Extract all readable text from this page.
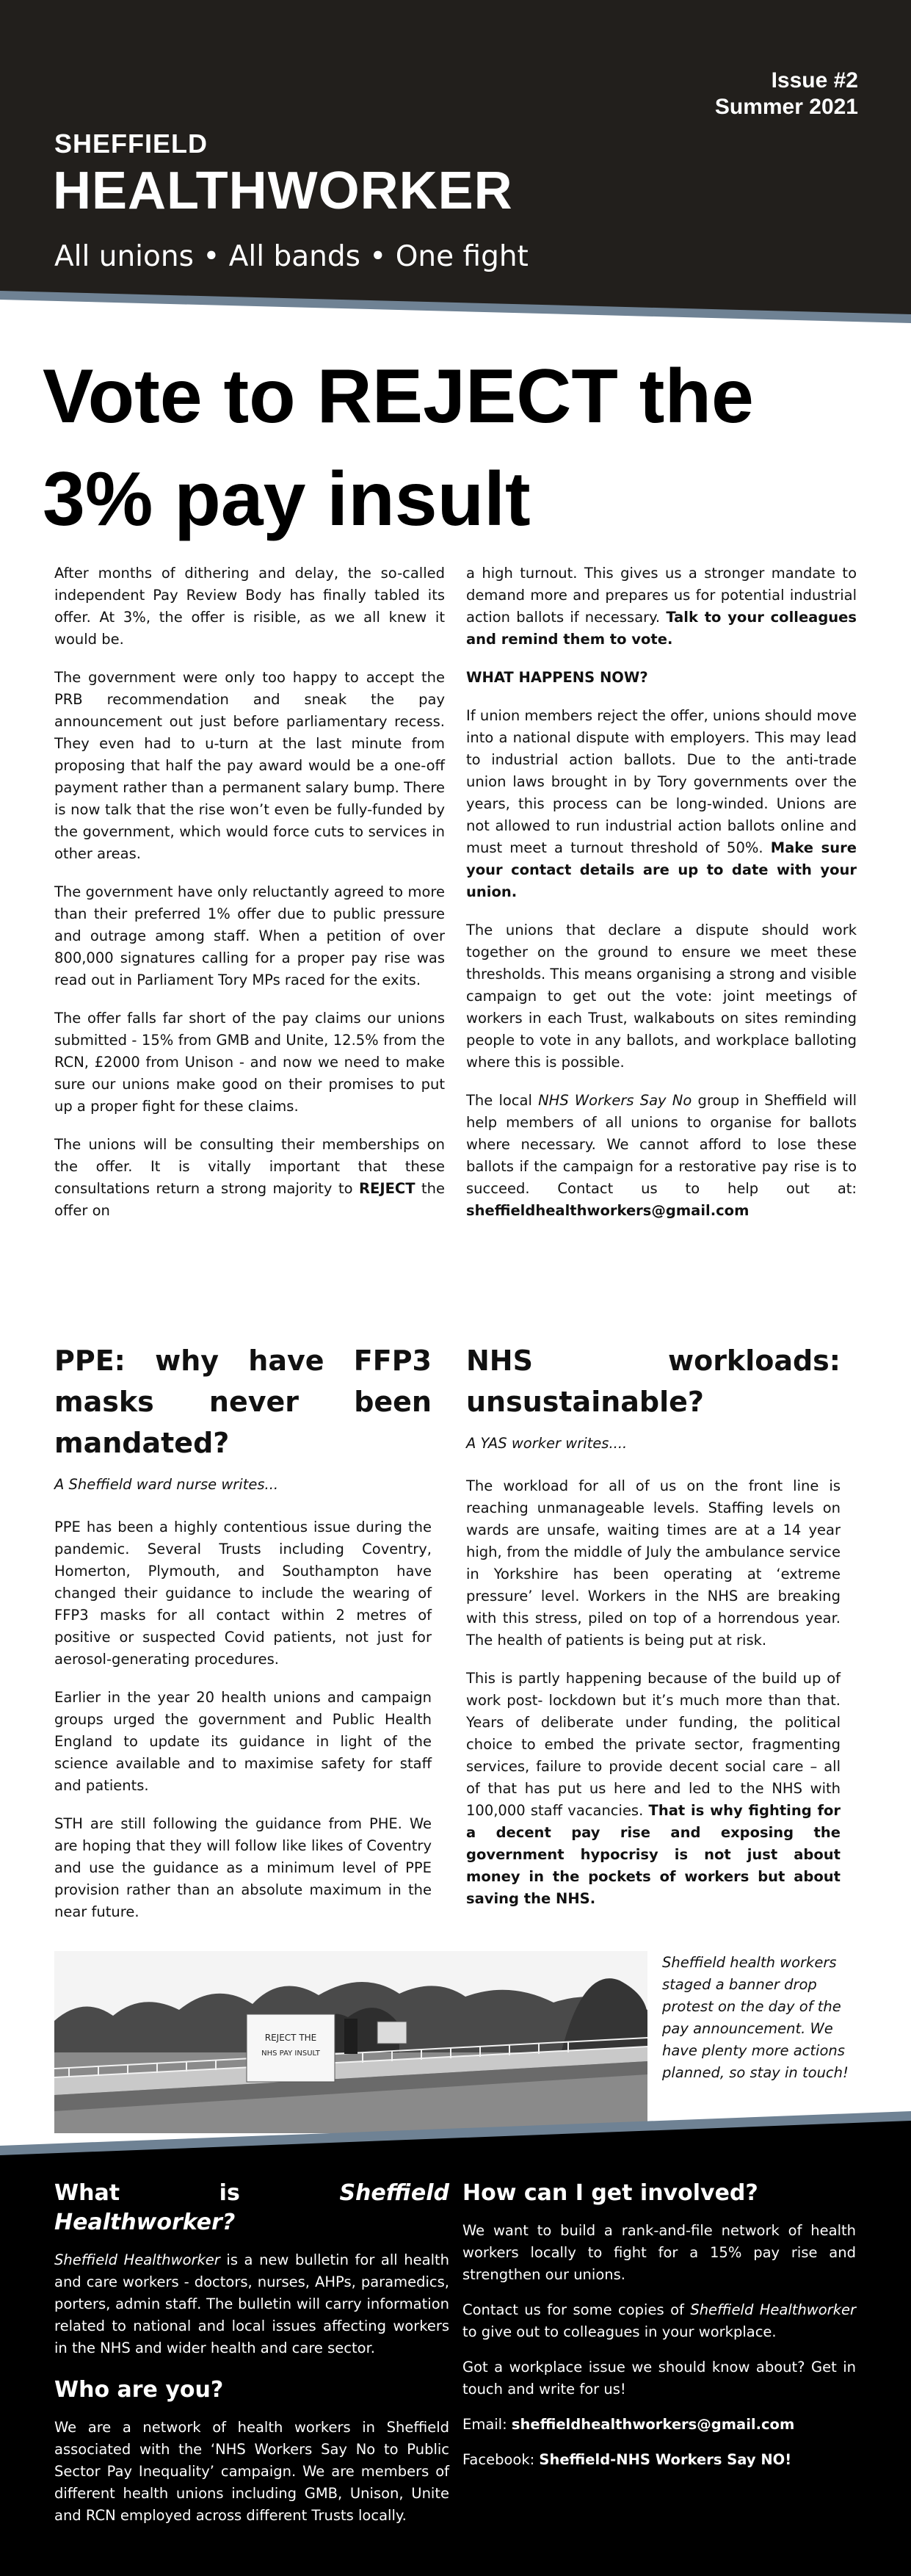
Issue #2
Summer 2021
SHEFFIELD
HEALTHWORKER
All unions • All bands • One fight
Vote to REJECT the
3% pay insult

After months of dithering and delay, the so-called independent Pay Review Body has finally tabled its offer. At 3%, the offer is risible, as we all knew it would be.

The government were only too happy to accept the PRB recommendation and sneak the pay announcement out just before parliamentary recess. They even had to u-turn at the last minute from proposing that half the pay award would be a one-off payment rather than a permanent salary bump. There is now talk that the rise won’t even be fully-funded by the government, which would force cuts to services in other areas.

The government have only reluctantly agreed to more than their preferred 1% offer due to public pressure and outrage among staff. When a petition of over 800,000 signatures calling for a proper pay rise was read out in Parliament Tory MPs raced for the exits.

The offer falls far short of the pay claims our unions submitted - 15% from GMB and Unite, 12.5% from the RCN, £2000 from Unison - and now we need to make sure our unions make good on their promises to put up a proper fight for these claims.

The unions will be consulting their memberships on the offer. It is vitally important that these consultations return a strong majority to REJECT the offer on

a high turnout. This gives us a stronger mandate to demand more and prepares us for potential industrial action ballots if necessary. Talk to your colleagues and remind them to vote.

WHAT HAPPENS NOW?

If union members reject the offer, unions should move into a national dispute with employers. This may lead to industrial action ballots. Due to the anti-trade union laws brought in by Tory governments over the years, this process can be long-winded. Unions are not allowed to run industrial action ballots online and must meet a turnout threshold of 50%. Make sure your contact details are up to date with your union.

The unions that declare a dispute should work together on the ground to ensure we meet these thresholds. This means organising a strong and visible campaign to get out the vote: joint meetings of workers in each Trust, walkabouts on sites reminding people to vote in any ballots, and workplace balloting where this is possible.

The local NHS Workers Say No group in Sheffield will help members of all unions to organise for ballots where necessary. We cannot afford to lose these ballots if the campaign for a restorative pay rise is to succeed. Contact us to help out at: sheffieldhealthworkers@gmail.com

PPE: why have FFP3 masks never been mandated?

A Sheffield ward nurse writes...

PPE has been a highly contentious issue during the pandemic. Several Trusts including Coventry, Homerton, Plymouth, and Southampton have changed their guidance to include the wearing of FFP3 masks for all contact within 2 metres of positive or suspected Covid patients, not just for aerosol-generating procedures.

Earlier in the year 20 health unions and campaign groups urged the government and Public Health England to update its guidance in light of the science available and to maximise safety for staff and patients.

STH are still following the guidance from PHE. We are hoping that they will follow like likes of Coventry and use the guidance as a minimum level of PPE provision rather than an absolute maximum in the near future.

NHS workloads: unsustainable?

A YAS worker writes....

The workload for all of us on the front line is reaching unmanageable levels. Staffing levels on wards are unsafe, waiting times are at a 14 year high, from the middle of July the ambulance service in Yorkshire has been operating at ‘extreme pressure’ level. Workers in the NHS are breaking with this stress, piled on top of a horrendous year. The health of patients is being put at risk.

This is partly happening because of the build up of work post- lockdown but it’s much more than that. Years of deliberate under funding, the political choice to embed the private sector, fragmenting services, failure to provide decent social care – all of that has put us here and led to the NHS with 100,000 staff vacancies. That is why fighting for a decent pay rise and exposing the government hypocrisy is not just about money in the pockets of workers but about saving the NHS.

REJECT THE
NHS PAY INSULT
Sheffield health workers staged a banner drop protest on the day of the pay announcement. We have plenty more actions planned, so stay in touch!
What is Sheffield Healthworker?

Sheffield Healthworker is a new bulletin for all health and care workers - doctors, nurses, AHPs, paramedics, porters, admin staff. The bulletin will carry information related to national and local issues affecting workers in the NHS and wider health and care sector.

Who are you?

We are a network of health workers in Sheffield associated with the ‘NHS Workers Say No to Public Sector Pay Inequality’ campaign. We are members of different health unions including GMB, Unison, Unite and RCN employed across different Trusts locally.

How can I get involved?

We want to build a rank-and-file network of health workers locally to fight for a 15% pay rise and strengthen our unions.

Contact us for some copies of Sheffield Healthworker to give out to colleagues in your workplace.

Got a workplace issue we should know about? Get in touch and write for us!

Email: sheffieldhealthworkers@gmail.com

Facebook: Sheffield-NHS Workers Say NO!
